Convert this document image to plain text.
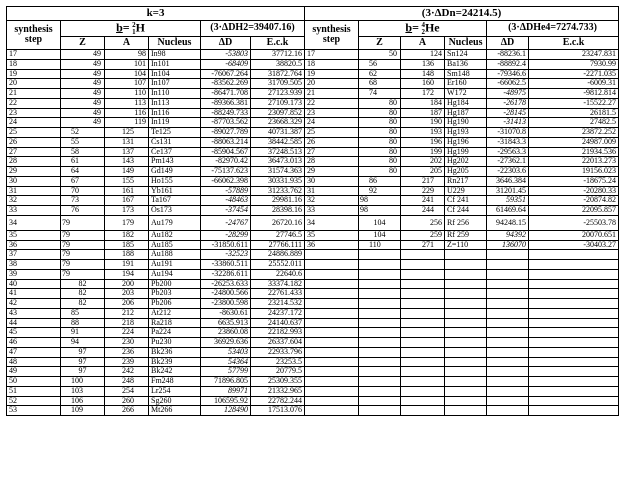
k=3						(3·ΔDn=24214.5)					
synthesis step	b= 2
1 H			(3·ΔDH2=39407.16)		synthesis step	b= 4
2 He			(3·ΔDHe4=7274.733)	
	Z	A	Nucleus	ΔD	E.c.k		Z	A	Nucleus	ΔD	E.c.k
17	49	98	In98	-53803	37712.16	17	50	124	Sn124	-88236.1	23247.831
18	49	101	In101	-68409	38820.5	18	56	136	Ba136	-88892.4	7930.99
19	49	104	In104	-76067.264	31872.764	19	62	148	Sm148	-79346.6	-2271.035
20	49	107	In107	-83562.269	31709.505	20	68	160	Er160	-66062.5	-6009.31
21	49	110	In110	-86471.708	27123.939	21	74	172	W172	-48975	-9812.814
22	49	113	In113	-89366.381	27109.173	22	80	184	Hg184	-26178	-15522.27
23	49	116	In116	-88249.733	23097.852	23	80	187	Hg187	-28145	26181.5
24	49	119	In119	-87703.562	23668.329	24	80	190	Hg190	-31413	27482.5
25	52	125	Te125	-89027.789	40731.387	25	80	193	Hg193	-31070.8	23872.252
26	55	131	Cs131	-88063.214	38442.585	26	80	196	Hg196	-31843.3	24987.009
27	58	137	Ce137	-85904.567	37248.513	27	80	199	Hg199	-29563.3	21934.536
28	61	143	Pm143	-82970.42	36473.013	28	80	202	Hg202	-27362.1	22013.273
29	64	149	Gd149	-75137.623	31574.363	29	80	205	Hg205	-22303.6	19156.023
30	67	155	Ho155	-66062.398	30331.935	30	86	217	Rn217	3646.384	-18675.24
31	70	161	Yb161	-57889	31233.762	31	92	229	U229	31201.45	-20280.33
32	73	167	Ta167	-48463	29981.16	32	98	241	Cf 241	59351	-20874.82
33	76	173	Os173	-37454	28398.16	33	98	244	Cf 244	61469.64	22095.857
34	79	179	Au179	-24767	26720.16	34	104	256	Rf 256	94248.15	-25503.78
35	79	182	Au182	-28299	27746.5	35	104	259	Rf 259	94392	20070.651
36	79	185	Au185	-31850.611	27766.111	36	110	271	Z=110	136070	-30403.27
37	79	188	Au188	-32523	24886.889						
38	79	191	Au191	-33860.511	25552.011						
39	79	194	Au194	-32286.611	22640.6						
40	82	200	Pb200	-26253.633	33374.182						
41	82	203	Pb203	-24800.566	22761.433						
42	82	206	Pb206	-23800.598	23214.532						
43	85	212	At212	-8630.61	24237.172						
44	88	218	Ra218	6635.913	24140.637						
45	91	224	Pa224	23860.08	22182.993						
46	94	230	Pu230	36929.636	26337.604						
47	97	236	Bk236	53403	22933.796						
48	97	239	Bk239	54364	23253.5						
49	97	242	Bk242	57799	20779.5						
50	100	248	Fm248	71896.805	25309.355						
51	103	254	Lr254	89971	21332.965						
52	106	260	Sg260	106595.92	22782.244						
53	109	266	Mt266	128490	17513.076						
